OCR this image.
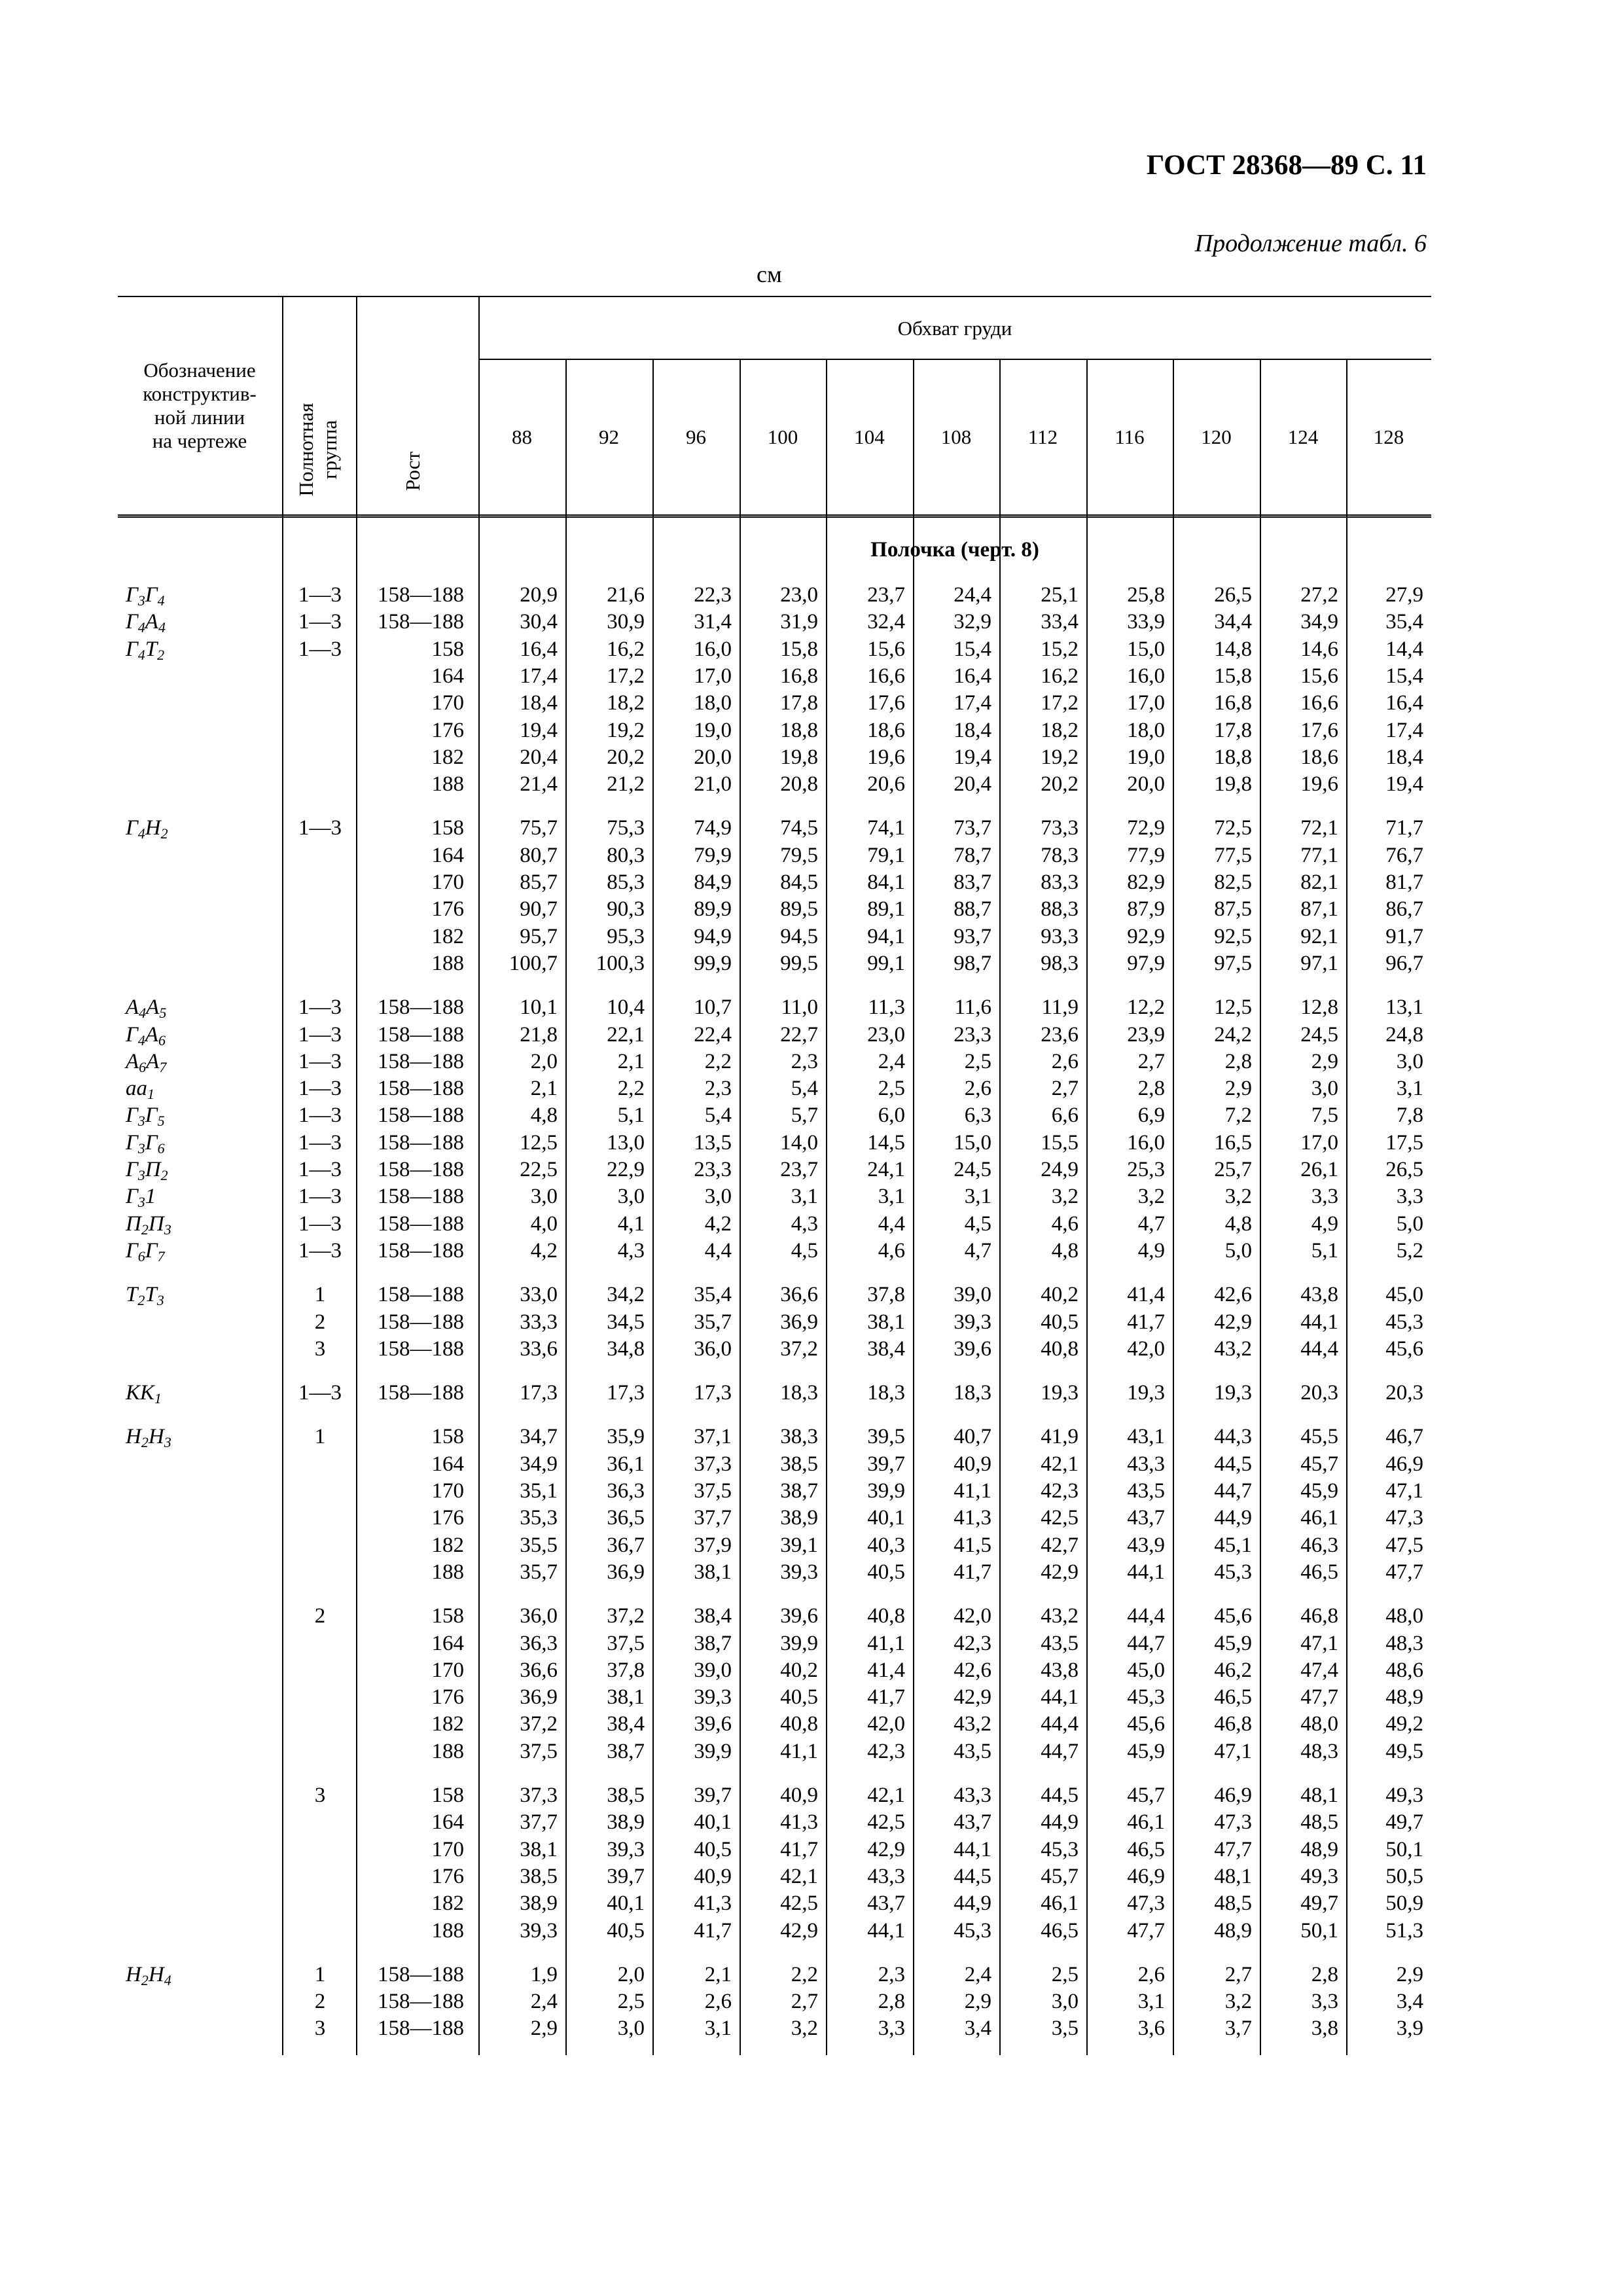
ГОСТ 28368—89 С. 11
Продолжение табл. 6
см
Обозначение
конструктив-
ной линии
на чертеже	Полнотная группа	Рост
Обхват груди
88	92	96	100	104	108	112	116	120	124	128
Полочка (черт. 8)
$Г_3Г_4$	1—3	158—188	20,9	21,6	22,3	23,0	23,7	24,4	25,1	25,8	26,5	27,2	27,9
$Г_4А_4$	1—3	158—188	30,4	30,9	31,4	31,9	32,4	32,9	33,4	33,9	34,4	34,9	35,4
$Г_4Т_2$	1—3	158	16,4	16,2	16,0	15,8	15,6	15,4	15,2	15,0	14,8	14,6	14,4
164	17,4	17,2	17,0	16,8	16,6	16,4	16,2	16,0	15,8	15,6	15,4
170	18,4	18,2	18,0	17,8	17,6	17,4	17,2	17,0	16,8	16,6	16,4
176	19,4	19,2	19,0	18,8	18,6	18,4	18,2	18,0	17,8	17,6	17,4
182	20,4	20,2	20,0	19,8	19,6	19,4	19,2	19,0	18,8	18,6	18,4
188	21,4	21,2	21,0	20,8	20,6	20,4	20,2	20,0	19,8	19,6	19,4
$Г_4Н_2$	1—3	158	75,7	75,3	74,9	74,5	74,1	73,7	73,3	72,9	72,5	72,1	71,7
164	80,7	80,3	79,9	79,5	79,1	78,7	78,3	77,9	77,5	77,1	76,7
170	85,7	85,3	84,9	84,5	84,1	83,7	83,3	82,9	82,5	82,1	81,7
176	90,7	90,3	89,9	89,5	89,1	88,7	88,3	87,9	87,5	87,1	86,7
182	95,7	95,3	94,9	94,5	94,1	93,7	93,3	92,9	92,5	92,1	91,7
188	100,7	100,3	99,9	99,5	99,1	98,7	98,3	97,9	97,5	97,1	96,7
$А_4А_5$	1—3	158—188	10,1	10,4	10,7	11,0	11,3	11,6	11,9	12,2	12,5	12,8	13,1
$Г_4А_6$	1—3	158—188	21,8	22,1	22,4	22,7	23,0	23,3	23,6	23,9	24,2	24,5	24,8
$А_6А_7$	1—3	158—188	2,0	2,1	2,2	2,3	2,4	2,5	2,6	2,7	2,8	2,9	3,0
$аа_1$	1—3	158—188	2,1	2,2	2,3	5,4	2,5	2,6	2,7	2,8	2,9	3,0	3,1
$Г_3Г_5$	1—3	158—188	4,8	5,1	5,4	5,7	6,0	6,3	6,6	6,9	7,2	7,5	7,8
$Г_3Г_6$	1—3	158—188	12,5	13,0	13,5	14,0	14,5	15,0	15,5	16,0	16,5	17,0	17,5
$Г_3П_2$	1—3	158—188	22,5	22,9	23,3	23,7	24,1	24,5	24,9	25,3	25,7	26,1	26,5
$Г_31$	1—3	158—188	3,0	3,0	3,0	3,1	3,1	3,1	3,2	3,2	3,2	3,3	3,3
$П_2П_3$	1—3	158—188	4,0	4,1	4,2	4,3	4,4	4,5	4,6	4,7	4,8	4,9	5,0
$Г_6Г_7$	1—3	158—188	4,2	4,3	4,4	4,5	4,6	4,7	4,8	4,9	5,0	5,1	5,2
$Т_2Т_3$	1	158—188	33,0	34,2	35,4	36,6	37,8	39,0	40,2	41,4	42,6	43,8	45,0
2	158—188	33,3	34,5	35,7	36,9	38,1	39,3	40,5	41,7	42,9	44,1	45,3
3	158—188	33,6	34,8	36,0	37,2	38,4	39,6	40,8	42,0	43,2	44,4	45,6
$КК_1$	1—3	158—188	17,3	17,3	17,3	18,3	18,3	18,3	19,3	19,3	19,3	20,3	20,3
$Н_2Н_3$	1	158	34,7	35,9	37,1	38,3	39,5	40,7	41,9	43,1	44,3	45,5	46,7
164	34,9	36,1	37,3	38,5	39,7	40,9	42,1	43,3	44,5	45,7	46,9
170	35,1	36,3	37,5	38,7	39,9	41,1	42,3	43,5	44,7	45,9	47,1
176	35,3	36,5	37,7	38,9	40,1	41,3	42,5	43,7	44,9	46,1	47,3
182	35,5	36,7	37,9	39,1	40,3	41,5	42,7	43,9	45,1	46,3	47,5
188	35,7	36,9	38,1	39,3	40,5	41,7	42,9	44,1	45,3	46,5	47,7
2	158	36,0	37,2	38,4	39,6	40,8	42,0	43,2	44,4	45,6	46,8	48,0
164	36,3	37,5	38,7	39,9	41,1	42,3	43,5	44,7	45,9	47,1	48,3
170	36,6	37,8	39,0	40,2	41,4	42,6	43,8	45,0	46,2	47,4	48,6
176	36,9	38,1	39,3	40,5	41,7	42,9	44,1	45,3	46,5	47,7	48,9
182	37,2	38,4	39,6	40,8	42,0	43,2	44,4	45,6	46,8	48,0	49,2
188	37,5	38,7	39,9	41,1	42,3	43,5	44,7	45,9	47,1	48,3	49,5
3	158	37,3	38,5	39,7	40,9	42,1	43,3	44,5	45,7	46,9	48,1	49,3
164	37,7	38,9	40,1	41,3	42,5	43,7	44,9	46,1	47,3	48,5	49,7
170	38,1	39,3	40,5	41,7	42,9	44,1	45,3	46,5	47,7	48,9	50,1
176	38,5	39,7	40,9	42,1	43,3	44,5	45,7	46,9	48,1	49,3	50,5
182	38,9	40,1	41,3	42,5	43,7	44,9	46,1	47,3	48,5	49,7	50,9
188	39,3	40,5	41,7	42,9	44,1	45,3	46,5	47,7	48,9	50,1	51,3
$Н_2Н_4$	1	158—188	1,9	2,0	2,1	2,2	2,3	2,4	2,5	2,6	2,7	2,8	2,9
2	158—188	2,4	2,5	2,6	2,7	2,8	2,9	3,0	3,1	3,2	3,3	3,4
3	158—188	2,9	3,0	3,1	3,2	3,3	3,4	3,5	3,6	3,7	3,8	3,9
